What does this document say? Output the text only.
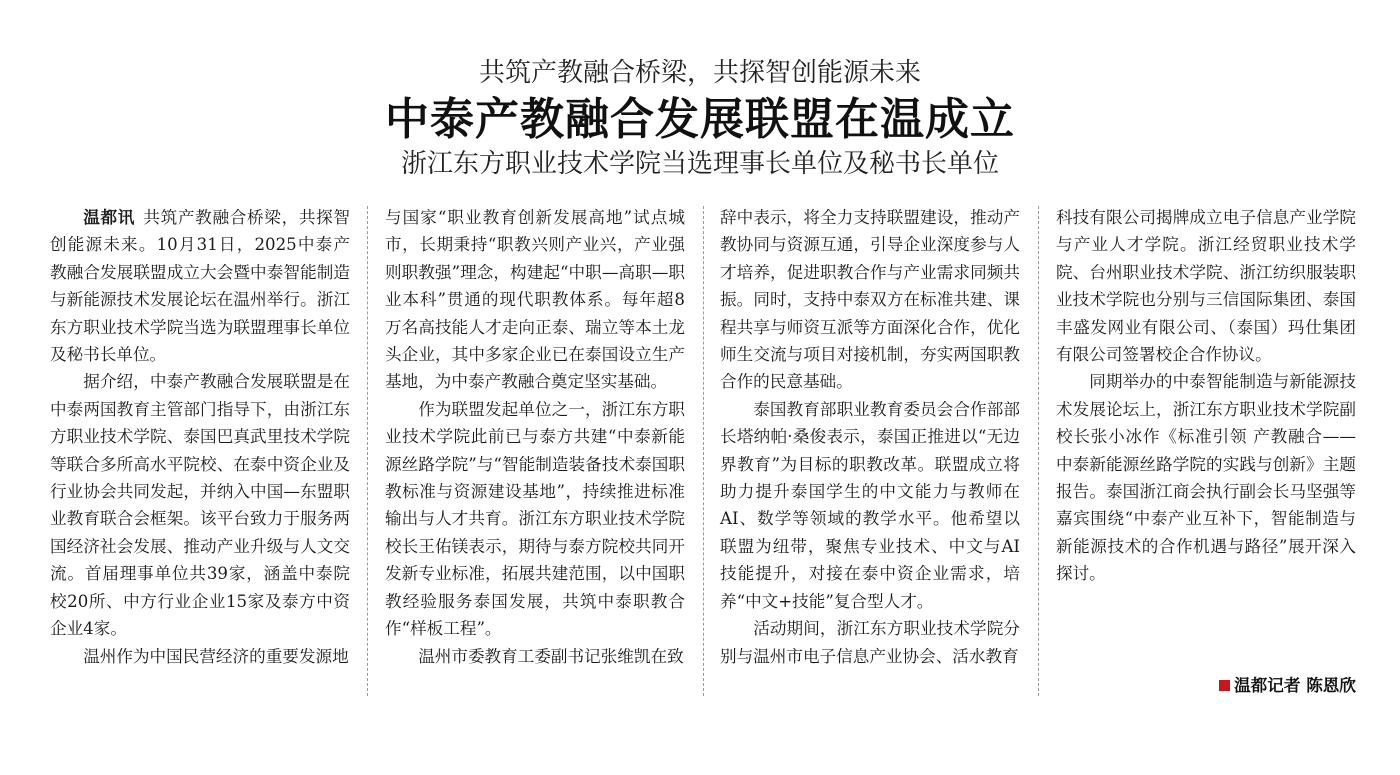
共筑产教融合桥梁，共探智创能源未来
中泰产教融合发展联盟在温成立
浙江东方职业技术学院当选理事长单位及秘书长单位

温都讯 共筑产教融合桥梁，共探智创能源未来。10月31日，2025中泰产教融合发展联盟成立大会暨中泰智能制造与新能源技术发展论坛在温州举行。浙江东方职业技术学院当选为联盟理事长单位及秘书长单位。

据介绍，中泰产教融合发展联盟是在中泰两国教育主管部门指导下，由浙江东方职业技术学院、泰国巴真武里技术学院等联合多所高水平院校、在泰中资企业及行业协会共同发起，并纳入中国—东盟职业教育联合会框架。该平台致力于服务两国经济社会发展、推动产业升级与人文交流。首届理事单位共39家，涵盖中泰院校20所、中方行业企业15家及泰方中资企业4家。

温州作为中国民营经济的重要发源地

与国家“职业教育创新发展高地”试点城市，长期秉持“职教兴则产业兴，产业强则职教强”理念，构建起“中职—高职—职业本科”贯通的现代职教体系。每年超8万名高技能人才走向正泰、瑞立等本土龙头企业，其中多家企业已在泰国设立生产基地，为中泰产教融合奠定坚实基础。

作为联盟发起单位之一，浙江东方职业技术学院此前已与泰方共建“中泰新能源丝路学院”与“智能制造装备技术泰国职教标准与资源建设基地”，持续推进标准输出与人才共育。浙江东方职业技术学院校长王佑镁表示，期待与泰方院校共同开发新专业标准，拓展共建范围，以中国职教经验服务泰国发展，共筑中泰职教合作“样板工程”。

温州市委教育工委副书记张维凯在致

辞中表示，将全力支持联盟建设，推动产教协同与资源互通，引导企业深度参与人才培养，促进职教合作与产业需求同频共振。同时，支持中泰双方在标准共建、课程共享与师资互派等方面深化合作，优化师生交流与项目对接机制，夯实两国职教合作的民意基础。

泰国教育部职业教育委员会合作部部长塔纳帕·桑俊表示，泰国正推进以“无边界教育”为目标的职教改革。联盟成立将助力提升泰国学生的中文能力与教师在AI、数学等领域的教学水平。他希望以联盟为纽带，聚焦专业技术、中文与AI技能提升，对接在泰中资企业需求，培养“中文+技能”复合型人才。

活动期间，浙江东方职业技术学院分别与温州市电子信息产业协会、活水教育

科技有限公司揭牌成立电子信息产业学院与产业人才学院。浙江经贸职业技术学院、台州职业技术学院、浙江纺织服装职业技术学院也分别与三信国际集团、泰国丰盛发网业有限公司、（泰国）玛仕集团有限公司签署校企合作协议。

同期举办的中泰智能制造与新能源技术发展论坛上，浙江东方职业技术学院副校长张小冰作《标准引领 产教融合——中泰新能源丝路学院的实践与创新》主题报告。泰国浙江商会执行副会长马坚强等嘉宾围绕“中泰产业互补下，智能制造与新能源技术的合作机遇与路径”展开深入探讨。

温都记者 陈恩欣
